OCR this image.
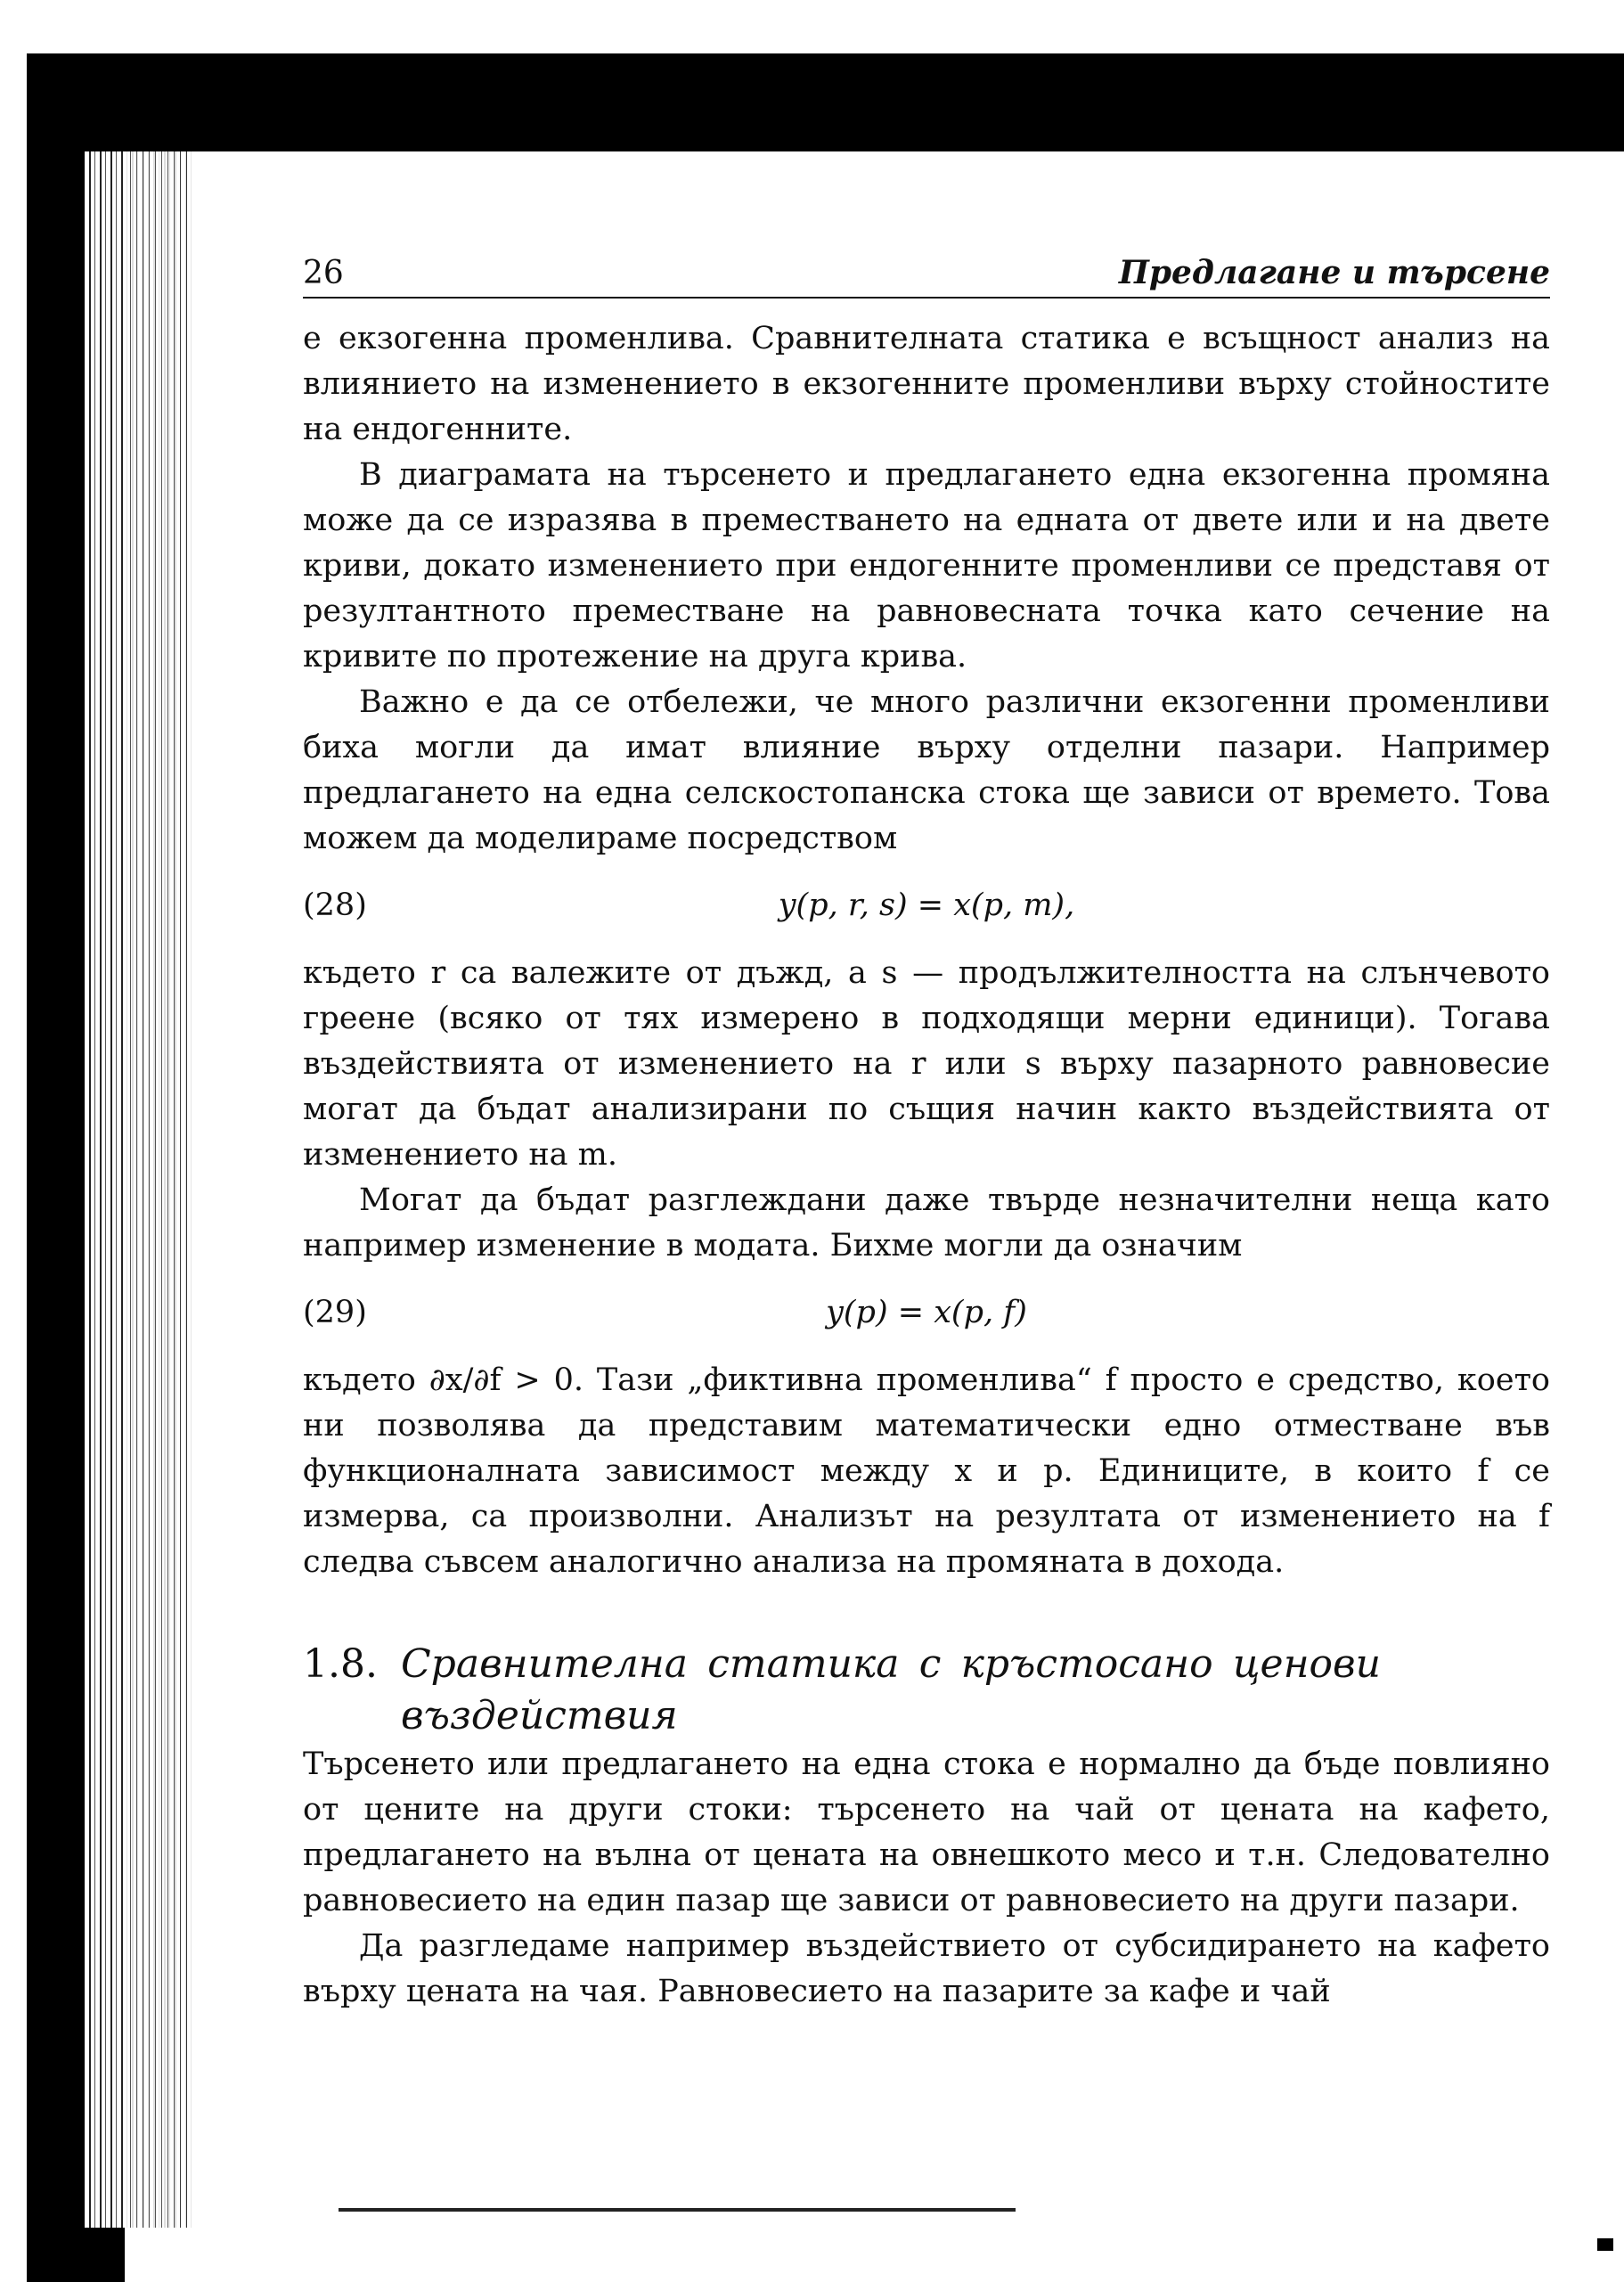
26	Предлагане и търсене

е екзогенна променлива. Сравнителната статика е всъщност анализ на влиянието на изменението в екзогенните променливи върху стойностите на ендогенните.

В диаграмата на търсенето и предлагането една екзогенна промяна може да се изразява в преместването на едната от двете или и на двете криви, докато изменението при ендогенните променливи се представя от резултантното преместване на равновесната точка като сечение на кривите по протежение на друга крива.

Важно е да се отбележи, че много различни екзогенни променливи биха могли да имат влияние върху отделни пазари. Например предлагането на една селскостопанска стока ще зависи от времето. Това можем да моделираме посредством

(28)	y(p, r, s) = x(p, m),

където r са валежите от дъжд, а s — продължителността на слънчевото греене (всяко от тях измерено в подходящи мерни единици). Тогава въздействията от изменението на r или s върху пазарното равновесие могат да бъдат анализирани по същия начин както въздействията от изменението на m.

Могат да бъдат разглеждани даже твърде незначителни неща като например изменение в модата. Бихме могли да означим

(29)	y(p) = x(p, f)

където ∂x/∂f > 0. Тази „фиктивна променлива“ f просто е средство, което ни позволява да представим математически едно отместване във функционалната зависимост между x и p. Единиците, в които f се измерва, са произволни. Анализът на резултата от изменението на f следва съвсем аналогично анализа на промяната в дохода.

1.8. Сравнителна статика с кръстосано ценови въздействия

Търсенето или предлагането на една стока е нормално да бъде повлияно от цените на други стоки: търсенето на чай от цената на кафето, предлагането на вълна от цената на овнешкото месо и т.н. Следователно равновесието на един пазар ще зависи от равновесието на други пазари.

Да разгледаме например въздействието от субсидирането на кафето върху цената на чая. Равновесието на пазарите за кафе и чай
